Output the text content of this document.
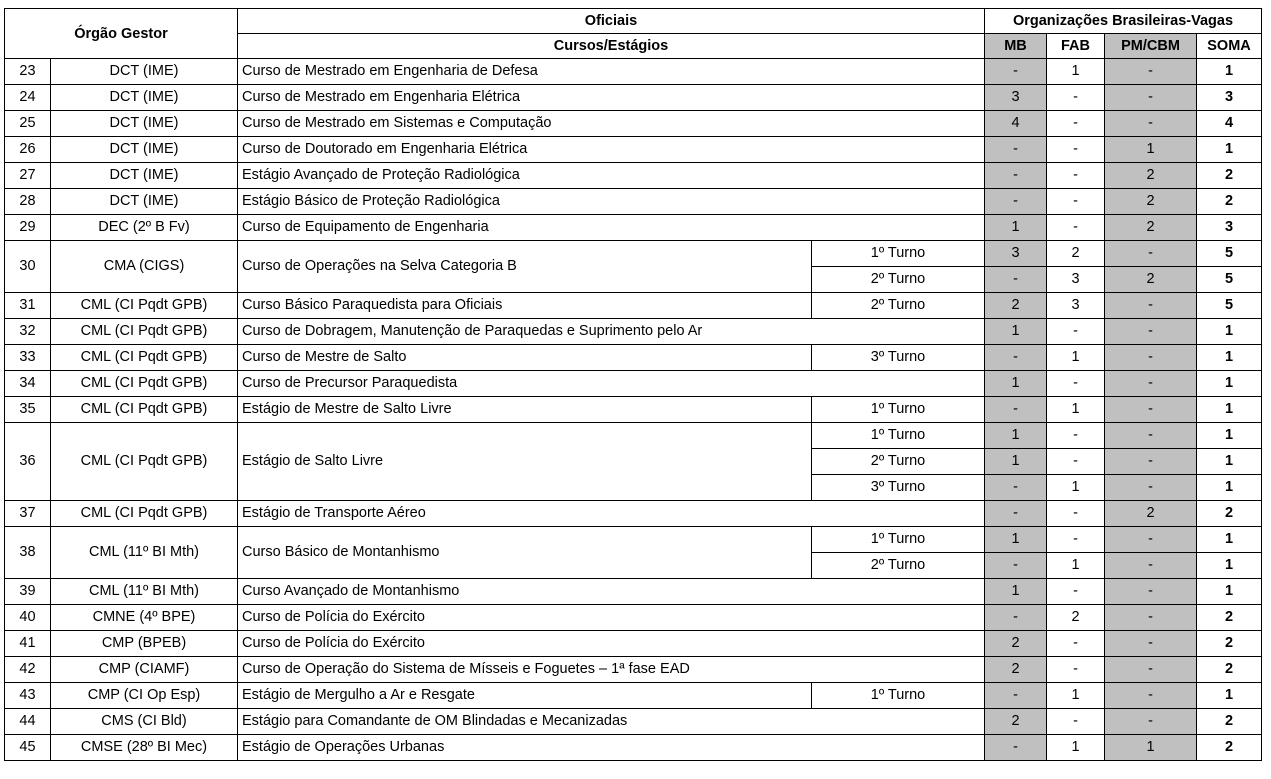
Órgão Gestor		Oficiais		Organizações Brasileiras-Vagas			
		Cursos/Estágios		MB	FAB	PM/CBM	SOMA
23	DCT (IME)	Curso de Mestrado em Engenharia de Defesa		-	1	-	1
24	DCT (IME)	Curso de Mestrado em Engenharia Elétrica		3	-	-	3
25	DCT (IME)	Curso de Mestrado em Sistemas e Computação		4	-	-	4
26	DCT (IME)	Curso de Doutorado em Engenharia Elétrica		-	-	1	1
27	DCT (IME)	Estágio Avançado de Proteção Radiológica		-	-	2	2
28	DCT (IME)	Estágio Básico de Proteção Radiológica		-	-	2	2
29	DEC (2º B Fv)	Curso de Equipamento de Engenharia		1	-	2	3
30	CMA (CIGS)	Curso de Operações na Selva Categoria B	1º Turno	3	2	-	5
			2º Turno	-	3	2	5
31	CML (CI Pqdt GPB)	Curso Básico Paraquedista para Oficiais	2º Turno	2	3	-	5
32	CML (CI Pqdt GPB)	Curso de Dobragem, Manutenção de Paraquedas e Suprimento pelo Ar		1	-	-	1
33	CML (CI Pqdt GPB)	Curso de Mestre de Salto	3º Turno	-	1	-	1
34	CML (CI Pqdt GPB)	Curso de Precursor Paraquedista		1	-	-	1
35	CML (CI Pqdt GPB)	Estágio de Mestre de Salto Livre	1º Turno	-	1	-	1
36	CML (CI Pqdt GPB)	Estágio de Salto Livre	1º Turno	1	-	-	1
			2º Turno	1	-	-	1
			3º Turno	-	1	-	1
37	CML (CI Pqdt GPB)	Estágio de Transporte Aéreo		-	-	2	2
38	CML (11º BI Mth)	Curso Básico de Montanhismo	1º Turno	1	-	-	1
			2º Turno	-	1	-	1
39	CML (11º BI Mth)	Curso Avançado de Montanhismo		1	-	-	1
40	CMNE (4º BPE)	Curso de Polícia do Exército		-	2	-	2
41	CMP (BPEB)	Curso de Polícia do Exército		2	-	-	2
42	CMP (CIAMF)	Curso de Operação do Sistema de Mísseis e Foguetes – 1ª fase EAD		2	-	-	2
43	CMP (CI Op Esp)	Estágio de Mergulho a Ar e Resgate	1º Turno	-	1	-	1
44	CMS (CI Bld)	Estágio para Comandante de OM Blindadas e Mecanizadas		2	-	-	2
45	CMSE (28º BI Mec)	Estágio de Operações Urbanas		-	1	1	2
